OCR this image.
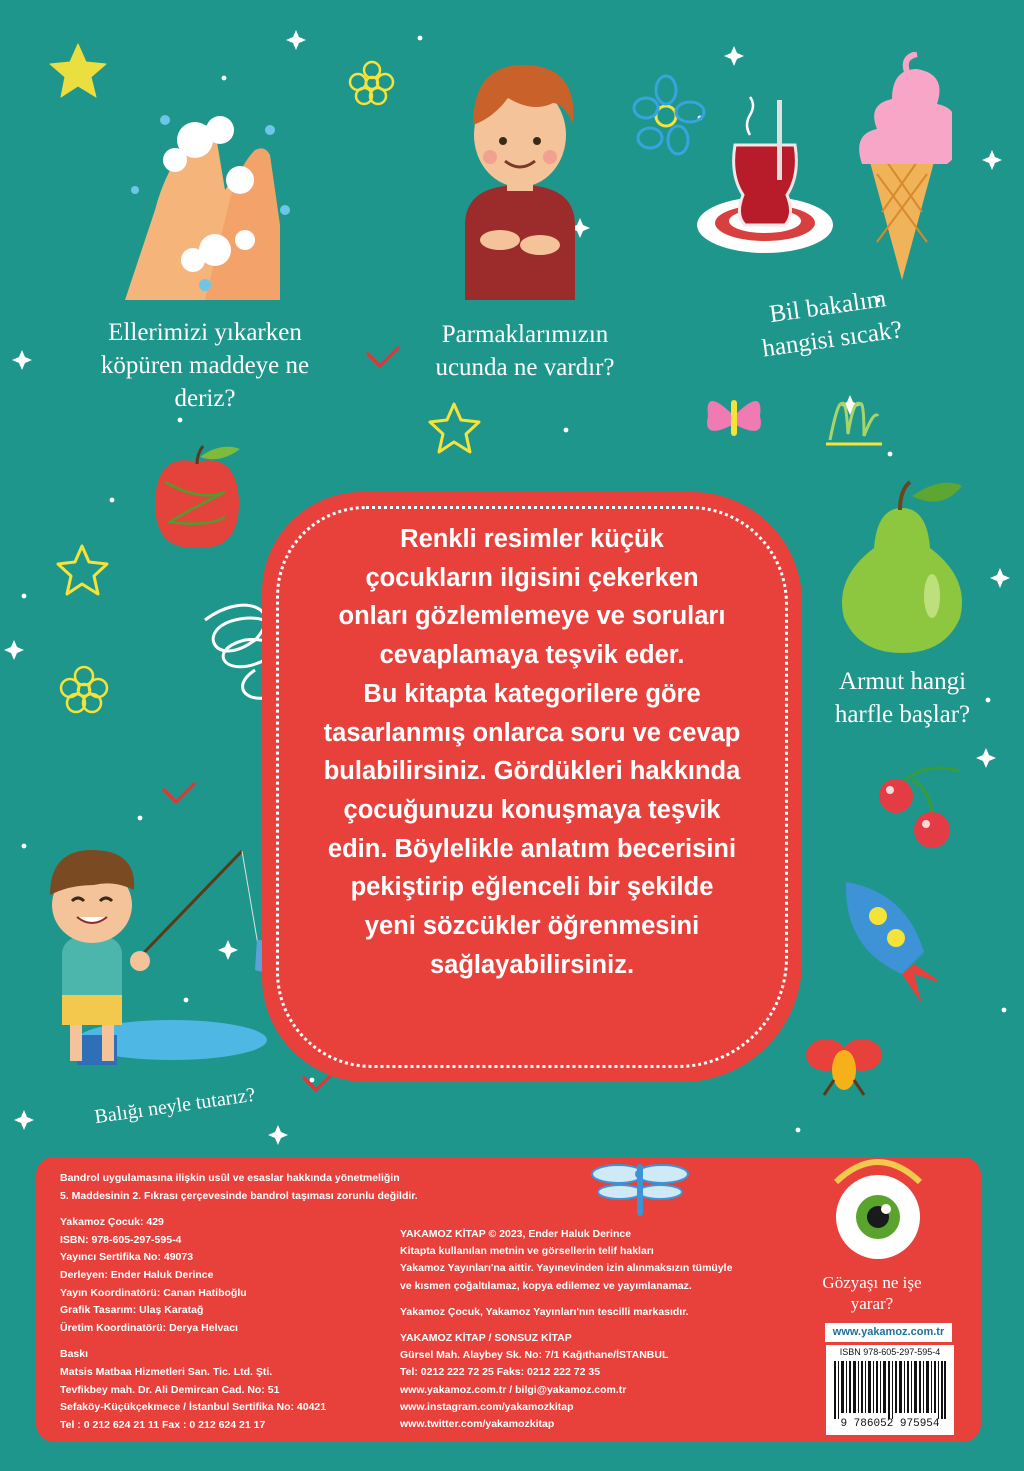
Ellerimizi yıkarken
köpüren maddeye ne
deriz?
Parmaklarımızın
ucunda ne vardır?
Bil bakalım
hangisi sıcak?
Armut hangi
harfle başlar?
Balığı neyle tutarız?
Renkli resimler küçük
çocukların ilgisini çekerken
onları gözlemlemeye ve soruları
cevaplamaya teşvik eder.
Bu kitapta kategorilere göre
tasarlanmış onlarca soru ve cevap
bulabilirsiniz. Gördükleri hakkında
çocuğunuzu konuşmaya teşvik
edin. Böylelikle anlatım becerisini
pekiştirip eğlenceli bir şekilde
yeni sözcükler öğrenmesini
sağlayabilirsiniz.
Gözyaşı ne işe
yarar?
Bandrol uygulamasına ilişkin usûl ve esaslar hakkında yönetmeliğin
5. Maddesinin 2. Fıkrası çerçevesinde bandrol taşıması zorunlu değildir.
Yakamoz Çocuk: 429
ISBN: 978-605-297-595-4
Yayıncı Sertifika No: 49073
Derleyen: Ender Haluk Derince
Yayın Koordinatörü: Canan Hatiboğlu
Grafik Tasarım: Ulaş Karatağ
Üretim Koordinatörü: Derya Helvacı
Baskı
Matsis Matbaa Hizmetleri San. Tic. Ltd. Şti.
Tevfikbey mah. Dr. Ali Demircan Cad. No: 51
Sefaköy-Küçükçekmece / İstanbul Sertifika No: 40421
Tel : 0 212 624 21 11 Fax : 0 212 624 21 17
YAKAMOZ KİTAP © 2023, Ender Haluk Derince
Kitapta kullanılan metnin ve görsellerin telif hakları
Yakamoz Yayınları'na aittir. Yayınevinden izin alınmaksızın tümüyle
ve kısmen çoğaltılamaz, kopya edilemez ve yayımlanamaz.
Yakamoz Çocuk, Yakamoz Yayınları'nın tescilli markasıdır.
YAKAMOZ KİTAP / SONSUZ KİTAP
Gürsel Mah. Alaybey Sk. No: 7/1 Kağıthane/İSTANBUL
Tel: 0212 222 72 25 Faks: 0212 222 72 35
www.yakamoz.com.tr / bilgi@yakamoz.com.tr
www.instagram.com/yakamozkitap
www.twitter.com/yakamozkitap
www.yakamoz.com.tr
ISBN 978-605-297-595-4
9 786052 975954
